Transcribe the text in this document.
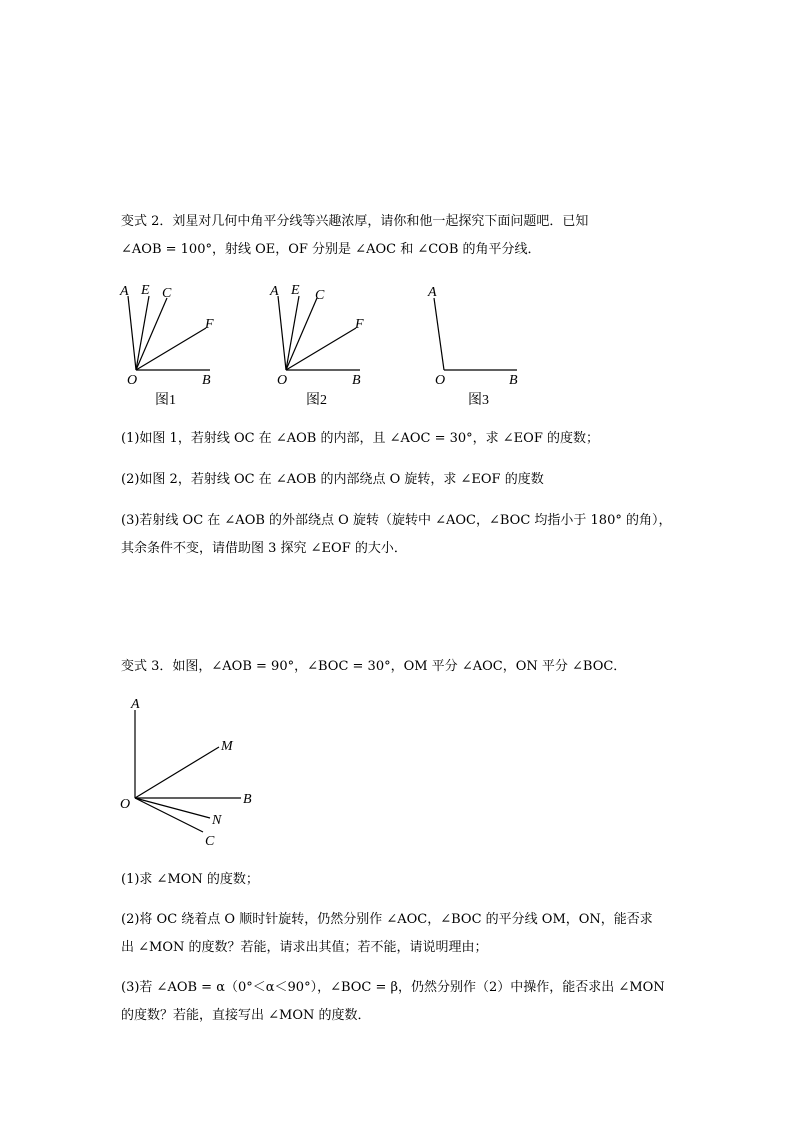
变式 2．刘星对几何中角平分线等兴趣浓厚，请你和他一起探究下面问题吧．已知
∠AOB = 100°，射线 OE，OF 分别是 ∠AOC 和 ∠COB 的角平分线．
A E C
F
O	B
图1
A E C
F
O	B
图2
A
O	B
图3
(1)如图 1，若射线 OC 在 ∠AOB 的内部，且 ∠AOC = 30°，求 ∠EOF 的度数；
(2)如图 2，若射线 OC 在 ∠AOB 的内部绕点 O 旋转，求 ∠EOF 的度数
(3)若射线 OC 在 ∠AOB 的外部绕点 O 旋转（旋转中 ∠AOC，∠BOC 均指小于 180° 的角），
其余条件不变，请借助图 3 探究 ∠EOF 的大小．
变式 3．如图，∠AOB = 90°，∠BOC = 30°，OM 平分 ∠AOC，ON 平分 ∠BOC．
A
M
B
O
N
C
(1)求 ∠MON 的度数；
(2)将 OC 绕着点 O 顺时针旋转，仍然分别作 ∠AOC，∠BOC 的平分线 OM，ON，能否求
出 ∠MON 的度数？若能，请求出其值；若不能，请说明理由；
(3)若 ∠AOB = α（0°＜α＜90°），∠BOC = β，仍然分别作（2）中操作，能否求出 ∠MON
的度数？若能，直接写出 ∠MON 的度数．
